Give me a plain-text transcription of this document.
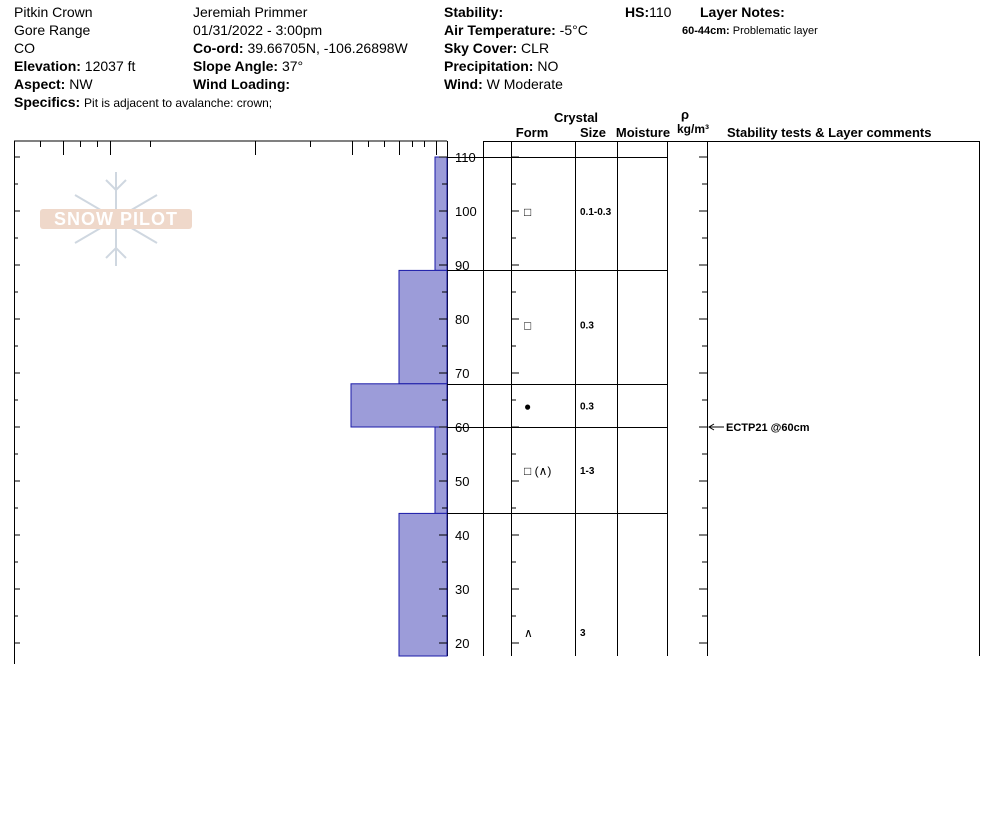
Pitkin Crown
Gore Range
CO
Elevation: 12037 ft
Aspect: NW
Specifics: Pit is adjacent to avalanche: crown;
Jeremiah Primmer
01/31/2022 - 3:00pm
Co-ord: 39.66705N, -106.26898W
Slope Angle: 37°
Wind Loading:
Stability:
Air Temperature: -5°C
Sky Cover: CLR
Precipitation: NO
Wind: W Moderate
HS:110 Layer Notes:
60-44cm: Problematic layer
Crystal
Form	Size Moisture
ρ
kg/m³	Stability tests & Layer comments
SNOW PILOT
20
30
40
50
60
70
80
90
100
110
□	0.1-0.3
□	0.3
●	0.3
□ (∧)	1-3
∧	3
ECTP21 @60cm
